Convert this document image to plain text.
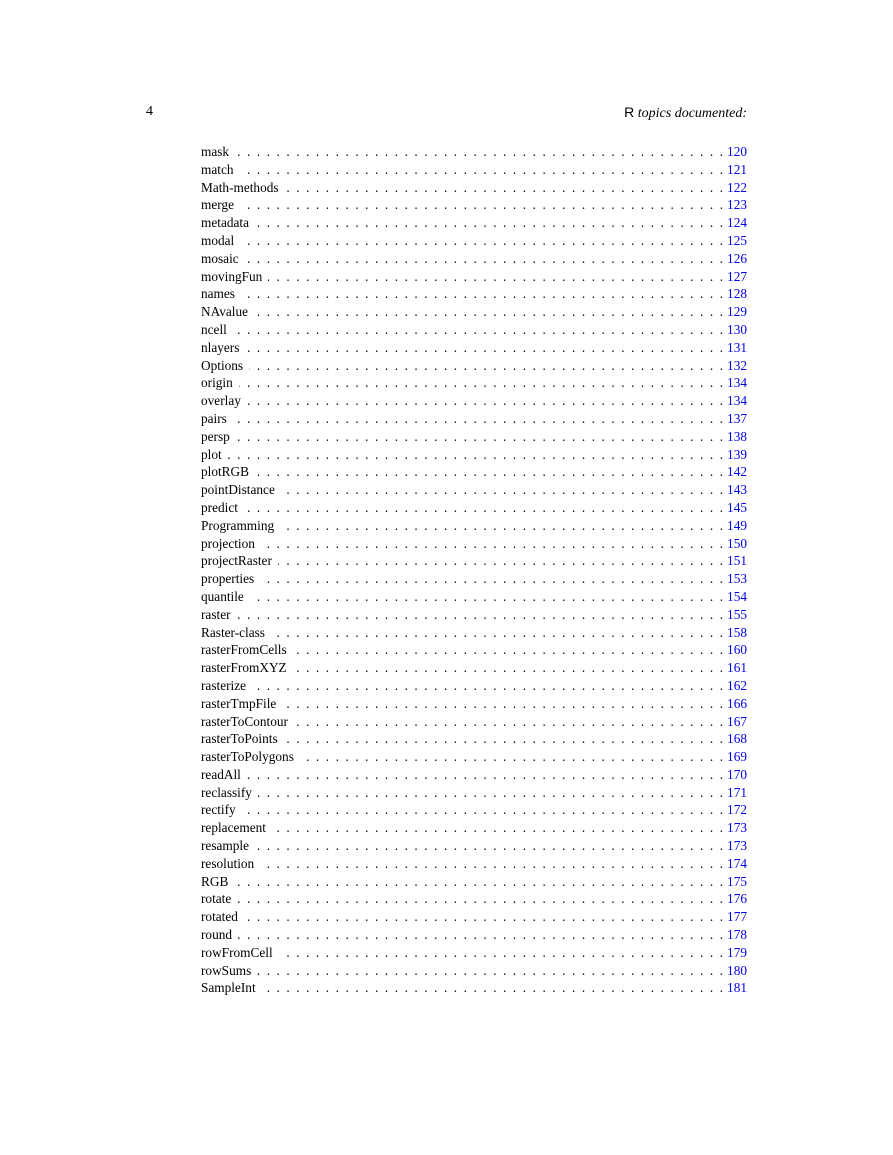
4	R topics documented:
mask . . .	120
match . . .	121
Math-methods . . .	122
merge . . .	123
metadata . . .	124
modal . . .	125
mosaic . . .	126
movingFun . . .	127
names . . .	128
NAvalue . . .	129
ncell . . .	130
nlayers . . .	131
Options . . .	132
origin . . .	134
overlay . . .	134
pairs . . .	137
persp . . .	138
plot . . .	139
plotRGB . . .	142
pointDistance . . .	143
predict . . .	145
Programming . . .	149
projection . . .	150
projectRaster . . .	151
properties . . .	153
quantile . . .	154
raster . . .	155
Raster-class . . .	158
rasterFromCells . . .	160
rasterFromXYZ . . .	161
rasterize . . .	162
rasterTmpFile . . .	166
rasterToContour . . .	167
rasterToPoints . . .	168
rasterToPolygons . . .	169
readAll . . .	170
reclassify . . .	171
rectify . . .	172
replacement . . .	173
resample . . .	173
resolution . . .	174
RGB . . .	175
rotate . . .	176
rotated . . .	177
round . . .	178
rowFromCell . . .	179
rowSums . . .	180
SampleInt . . .	181
